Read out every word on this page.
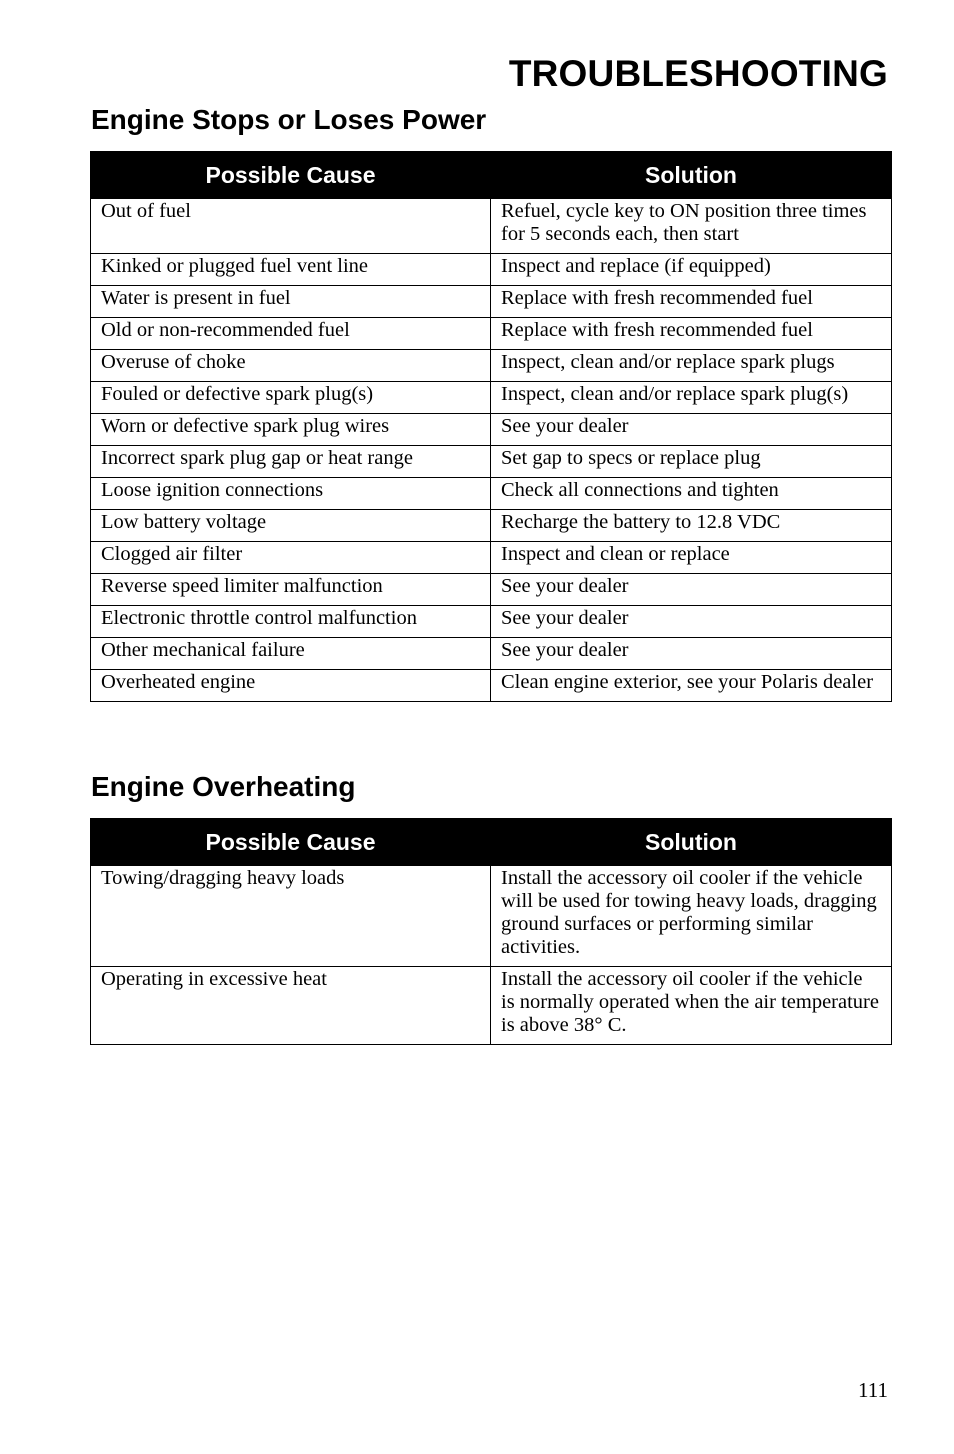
TROUBLESHOOTING
Engine Stops or Loses Power
Possible Cause	Solution
Out of fuel	Refuel, cycle key to ON position three times for 5 seconds each, then start
Kinked or plugged fuel vent line	Inspect and replace (if equipped)
Water is present in fuel	Replace with fresh recommended fuel
Old or non-recommended fuel	Replace with fresh recommended fuel
Overuse of choke	Inspect, clean and/or replace spark plugs
Fouled or defective spark plug(s)	Inspect, clean and/or replace spark plug(s)
Worn or defective spark plug wires	See your dealer
Incorrect spark plug gap or heat range	Set gap to specs or replace plug
Loose ignition connections	Check all connections and tighten
Low battery voltage	Recharge the battery to 12.8 VDC
Clogged air filter	Inspect and clean or replace
Reverse speed limiter malfunction	See your dealer
Electronic throttle control malfunction	See your dealer
Other mechanical failure	See your dealer
Overheated engine	Clean engine exterior, see your Polaris dealer
Engine Overheating
Possible Cause	Solution
Towing/dragging heavy loads	Install the accessory oil cooler if the vehicle will be used for towing heavy loads, dragging ground surfaces or performing similar activities.
Operating in excessive heat	Install the accessory oil cooler if the vehicle is normally operated when the air temperature is above 38° C.
111
